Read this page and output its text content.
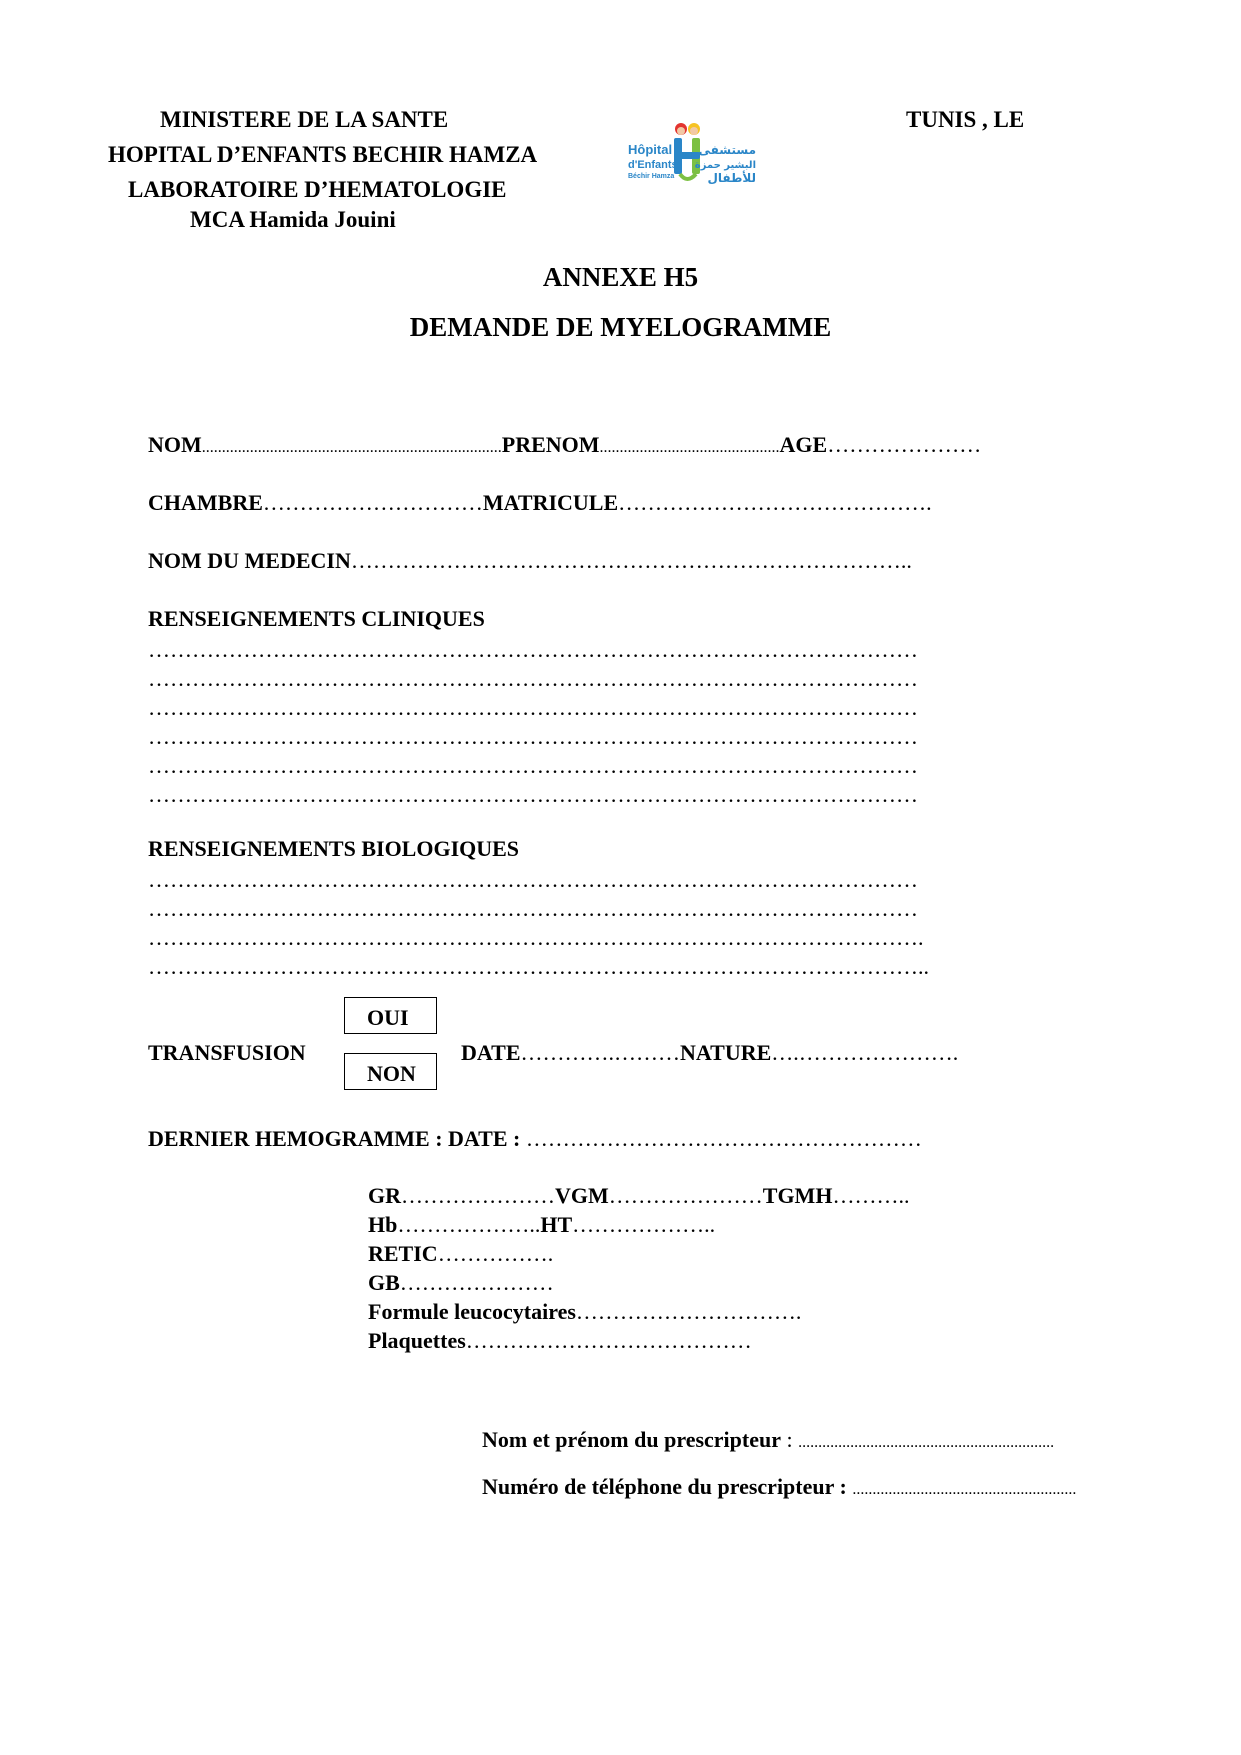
MINISTERE DE LA SANTE
HOPITAL D’ENFANTS BECHIR HAMZA
LABORATOIRE D’HEMATOLOGIE
MCA Hamida Jouini
TUNIS , LE
Hôpital
d'Enfants
Béchir Hamza
مستشفى
البشير حمزة
للأطفال
ANNEXE H5
DEMANDE DE MYELOGRAMME
NOM...........................................................................PRENOM.............................................AGE…………………
CHAMBRE…………………………MATRICULE…………………………………….
NOM DU MEDECIN…………………………………………………………………..
RENSEIGNEMENTS CLINIQUES
……………………………………………………………………………………………
……………………………………………………………………………………………
……………………………………………………………………………………………
……………………………………………………………………………………………
……………………………………………………………………………………………
……………………………………………………………………………………………
RENSEIGNEMENTS BIOLOGIQUES
……………………………………………………………………………………………
……………………………………………………………………………………………
…………………………………………………………………………………………….
……………………………………………………………………………………………..
TRANSFUSION
OUI
NON
DATE………….………NATURE….………………….
DERNIER HEMOGRAMME : DATE : ………………………………………………
GR…………………VGM…………………TGMH………..
Hb………………..HT………………..
RETIC…………….
GB…………………
Formule leucocytaires………………………….
Plaquettes…………………………………
Nom et prénom du prescripteur : ................................................................
Numéro de téléphone du prescripteur : ........................................................
